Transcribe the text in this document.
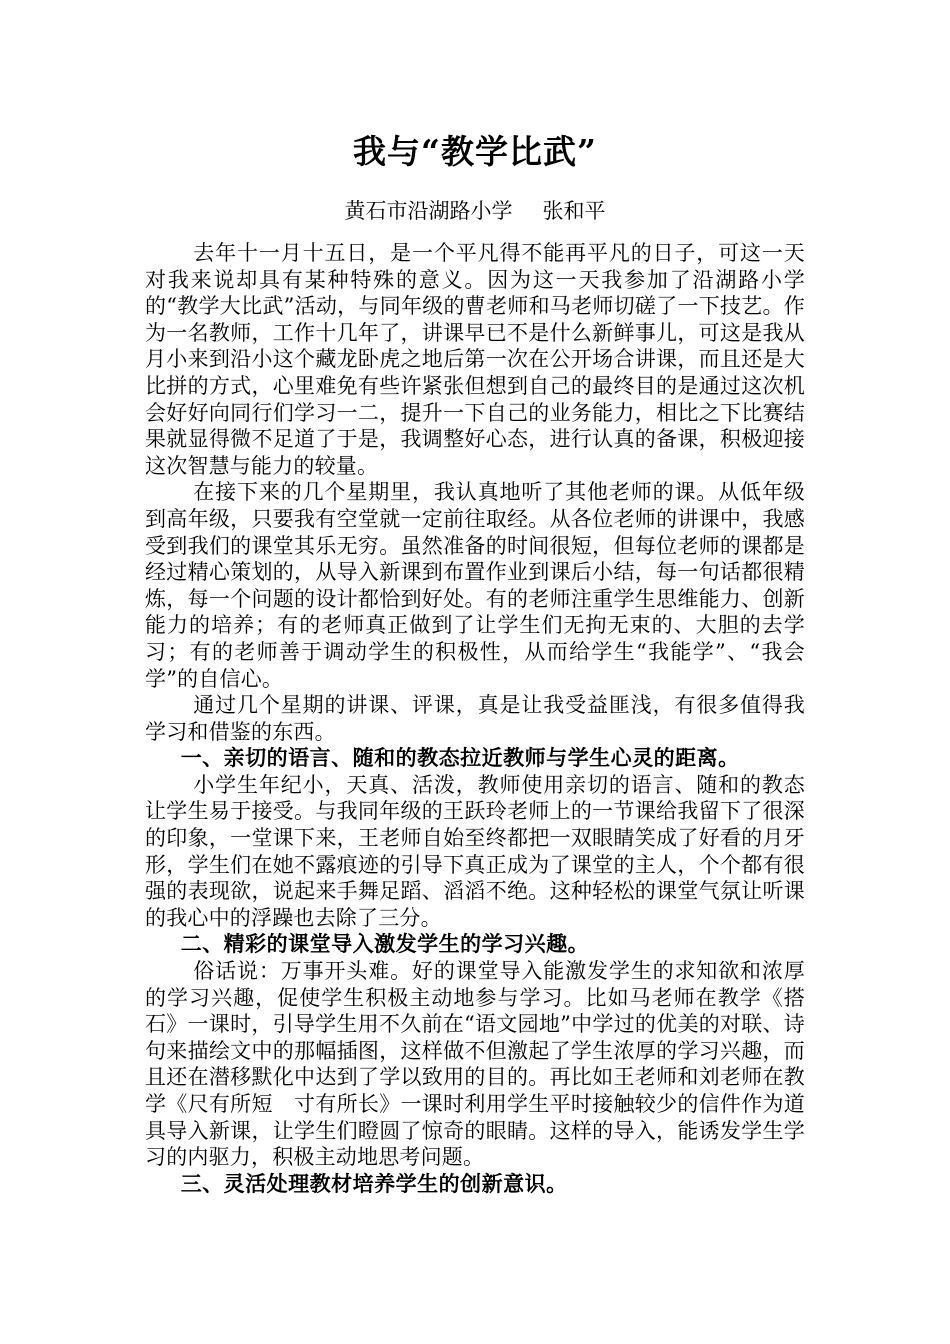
我与“教学比武”
黄石市沿湖路小学 张和平

去年十一月十五日，是一个平凡得不能再平凡的日子，可这一天对我来说却具有某种特殊的意义。因为这一天我参加了沿湖路小学的“教学大比武”活动，与同年级的曹老师和马老师切磋了一下技艺。作为一名教师，工作十几年了，讲课早已不是什么新鲜事儿，可这是我从月小来到沿小这个藏龙卧虎之地后第一次在公开场合讲课，而且还是大比拼的方式，心里难免有些许紧张但想到自己的最终目的是通过这次机会好好向同行们学习一二，提升一下自己的业务能力，相比之下比赛结果就显得微不足道了于是，我调整好心态，进行认真的备课，积极迎接这次智慧与能力的较量。

在接下来的几个星期里，我认真地听了其他老师的课。从低年级到高年级，只要我有空堂就一定前往取经。从各位老师的讲课中，我感受到我们的课堂其乐无穷。虽然准备的时间很短，但每位老师的课都是经过精心策划的，从导入新课到布置作业到课后小结，每一句话都很精炼，每一个问题的设计都恰到好处。有的老师注重学生思维能力、创新能力的培养；有的老师真正做到了让学生们无拘无束的、大胆的去学习；有的老师善于调动学生的积极性，从而给学生“我能学”、“我会学”的自信心。

通过几个星期的讲课、评课，真是让我受益匪浅，有很多值得我学习和借鉴的东西。

一、亲切的语言、随和的教态拉近教师与学生心灵的距离。

小学生年纪小，天真、活泼，教师使用亲切的语言、随和的教态让学生易于接受。与我同年级的王跃玲老师上的一节课给我留下了很深的印象，一堂课下来，王老师自始至终都把一双眼睛笑成了好看的月牙形，学生们在她不露痕迹的引导下真正成为了课堂的主人，个个都有很强的表现欲，说起来手舞足蹈、滔滔不绝。这种轻松的课堂气氛让听课的我心中的浮躁也去除了三分。

二、精彩的课堂导入激发学生的学习兴趣。

俗话说：万事开头难。好的课堂导入能激发学生的求知欲和浓厚的学习兴趣，促使学生积极主动地参与学习。比如马老师在教学《搭石》一课时，引导学生用不久前在“语文园地”中学过的优美的对联、诗句来描绘文中的那幅插图，这样做不但激起了学生浓厚的学习兴趣，而且还在潜移默化中达到了学以致用的目的。再比如王老师和刘老师在教学《尺有所短　寸有所长》一课时利用学生平时接触较少的信件作为道具导入新课，让学生们瞪圆了惊奇的眼睛。这样的导入，能诱发学生学习的内驱力，积极主动地思考问题。

三、灵活处理教材培养学生的创新意识。
